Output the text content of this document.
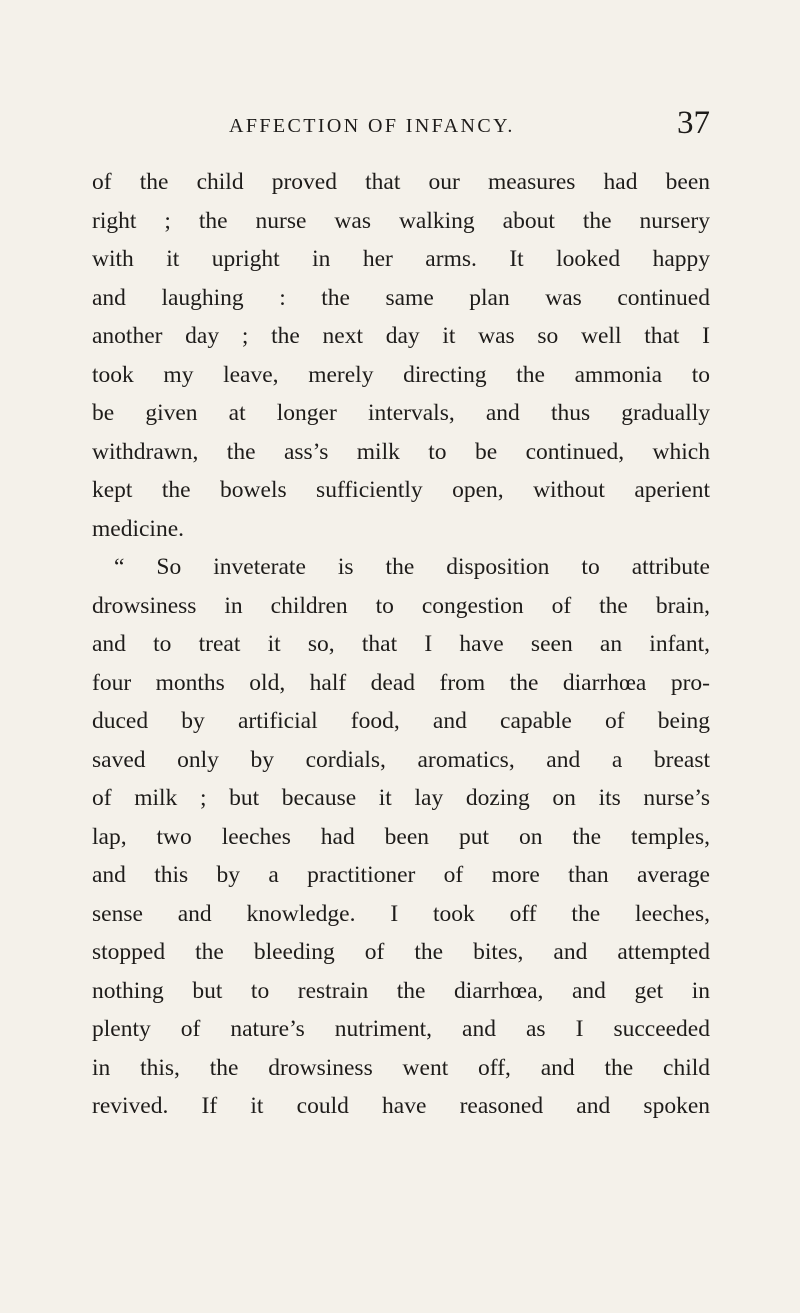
AFFECTION OF INFANCY.	37
of the child proved that our measures had been
right ; the nurse was walking about the nursery
with it upright in her arms. It looked happy
and laughing : the same plan was continued
another day ; the next day it was so well that I
took my leave, merely directing the ammonia to
be given at longer intervals, and thus gradually
withdrawn, the ass’s milk to be continued, which
kept the bowels sufficiently open, without aperient
medicine.
“ So inveterate is the disposition to attribute
drowsiness in children to congestion of the brain,
and to treat it so, that I have seen an infant,
four months old, half dead from the diarrhœa pro-
duced by artificial food, and capable of being
saved only by cordials, aromatics, and a breast
of milk ; but because it lay dozing on its nurse’s
lap, two leeches had been put on the temples,
and this by a practitioner of more than average
sense and knowledge. I took off the leeches,
stopped the bleeding of the bites, and attempted
nothing but to restrain the diarrhœa, and get in
plenty of nature’s nutriment, and as I succeeded
in this, the drowsiness went off, and the child
revived. If it could have reasoned and spoken
